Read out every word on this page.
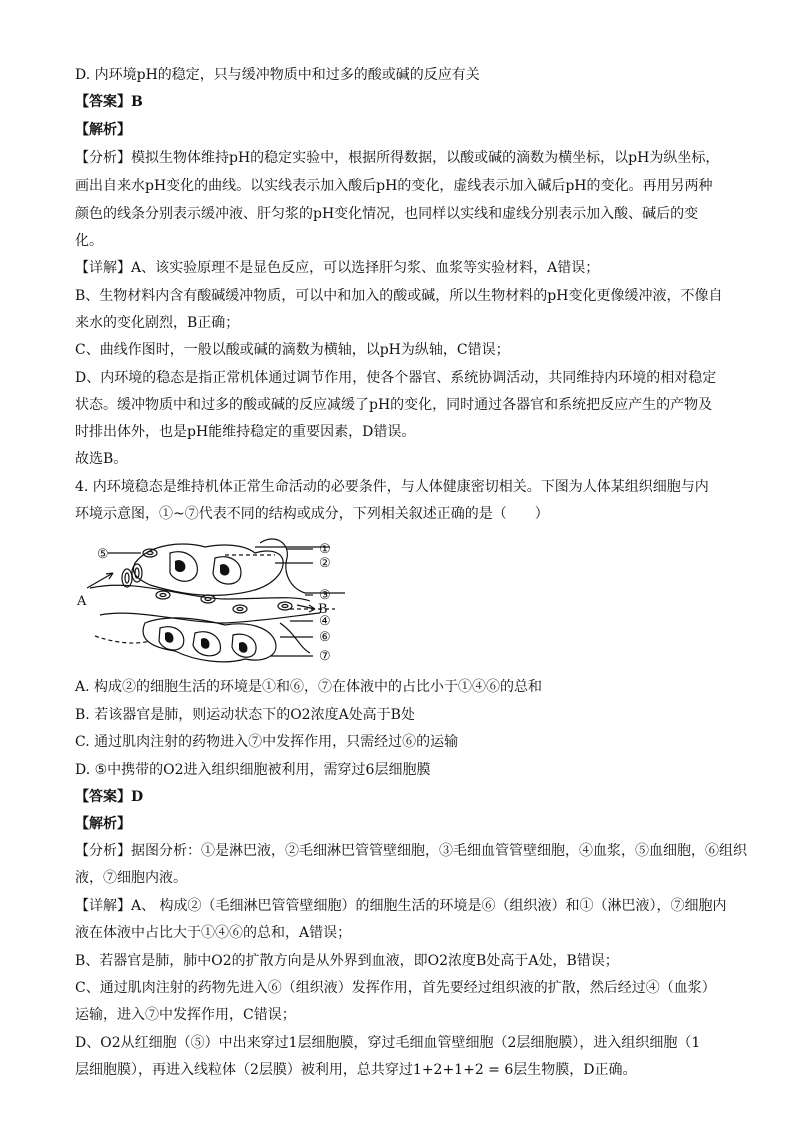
D. 内环境pH的稳定，只与缓冲物质中和过多的酸或碱的反应有关
【答案】B
【解析】
【分析】模拟生物体维持pH的稳定实验中，根据所得数据，以酸或碱的滴数为横坐标，以pH为纵坐标，
画出自来水pH变化的曲线。以实线表示加入酸后pH的变化，虚线表示加入碱后pH的变化。再用另两种
颜色的线条分别表示缓冲液、肝匀浆的pH变化情况，也同样以实线和虚线分别表示加入酸、碱后的变
化。
【详解】A、该实验原理不是显色反应，可以选择肝匀浆、血浆等实验材料，A错误；
B、生物材料内含有酸碱缓冲物质，可以中和加入的酸或碱，所以生物材料的pH变化更像缓冲液，不像自
来水的变化剧烈，B正确；
C、曲线作图时，一般以酸或碱的滴数为横轴，以pH为纵轴，C错误；
D、内环境的稳态是指正常机体通过调节作用，使各个器官、系统协调活动，共同维持内环境的相对稳定
状态。缓冲物质中和过多的酸或碱的反应减缓了pH的变化，同时通过各器官和系统把反应产生的产物及
时排出体外，也是pH能维持稳定的重要因素，D错误。
故选B。
4. 内环境稳态是维持机体正常生命活动的必要条件，与人体健康密切相关。下图为人体某组织细胞与内
环境示意图，①~⑦代表不同的结构或成分，下列相关叙述正确的是（　　）
A
B
⑤	①
②
③
④
⑥
⑦
A. 构成②的细胞生活的环境是①和⑥，⑦在体液中的占比小于①④⑥的总和
B. 若该器官是肺，则运动状态下的O2浓度A处高于B处
C. 通过肌肉注射的药物进入⑦中发挥作用，只需经过⑥的运输
D. ⑤中携带的O2进入组织细胞被利用，需穿过6层细胞膜
【答案】D
【解析】
【分析】据图分析：①是淋巴液，②毛细淋巴管管壁细胞，③毛细血管管壁细胞，④血浆，⑤血细胞，⑥组织
液，⑦细胞内液。
【详解】A、 构成②（毛细淋巴管管壁细胞）的细胞生活的环境是⑥（组织液）和①（淋巴液），⑦细胞内
液在体液中占比大于①④⑥的总和，A错误；
B、若器官是肺，肺中O2的扩散方向是从外界到血液，即O2浓度B处高于A处，B错误；
C、通过肌肉注射的药物先进入⑥（组织液）发挥作用，首先要经过组织液的扩散，然后经过④（血浆）
运输，进入⑦中发挥作用，C错误；
D、O2从红细胞（⑤）中出来穿过1层细胞膜，穿过毛细血管壁细胞（2层细胞膜），进入组织细胞（1
层细胞膜），再进入线粒体（2层膜）被利用，总共穿过1+2+1+2 = 6层生物膜，D正确。
